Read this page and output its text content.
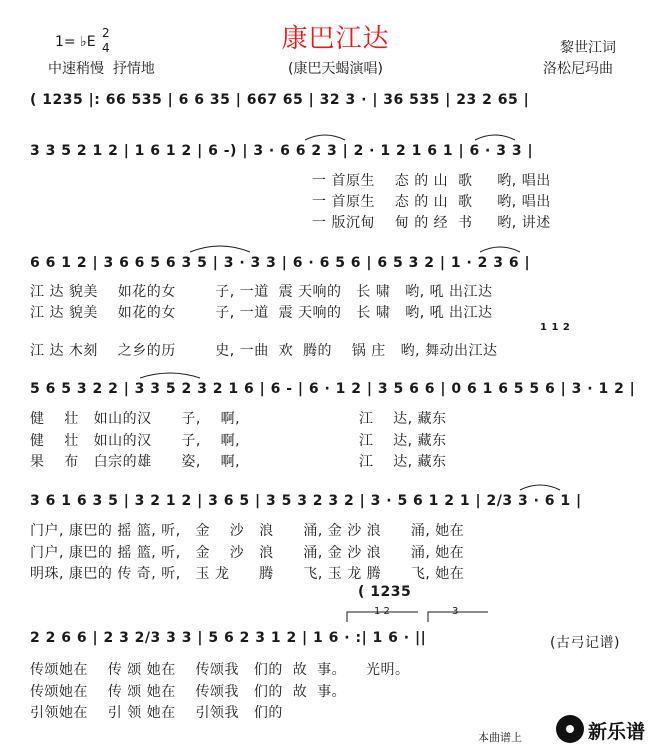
1= ♭E
2
4
中速稍慢  抒情地
康巴江达
(康巴天蝎演唱)
黎世江词
洛松尼玛曲
( 1235 |: 66 535 | 6 6 35 | 667 65 | 32 3 · | 36 535 | 23 2 65 |
3 3 5 2 1 2 | 1 6 1 2 | 6 -) | 3 · 6 6 2 3 | 2 · 1 2 1 6 1 | 6 · 3 3 |
一 首原生    态 的 山  歌     哟, 唱出
一 首原生    态 的 山  歌     哟, 唱出
一 版沉甸    甸 的 经  书     哟, 讲述
6 6 1 2 | 3 6 6 5 6 3 5 | 3 · 3 3 | 6 · 6 5 6 | 6 5 3 2 | 1 · 2 3 6 |
江 达 貌美    如花的女        子, 一道  震 天响的   长 啸   哟, 吼 出江达
江 达 貌美    如花的女        子, 一道  震 天响的   长 啸   哟, 吼 出江达
1 1 2
江 达 木刻    之乡的历        史, 一曲  欢  腾的    锅 庄   哟, 舞动出江达
5 6 5 3 2 2 | 3 3 5 2 3 2 1 6 | 6 - | 6 · 1 2 | 3 5 6 6 | 0 6 1 6 5 5 6 | 3 · 1 2 |
健    壮   如山的汉      子,    啊,                        江    达, 藏东
健    壮   如山的汉      子,    啊,                        江    达, 藏东
果    布   白宗的雄      姿,    啊,                        江    达, 藏东
3 6 1 6 3 5 | 3 2 1 2 | 3 6 5 | 3 5 3 2 3 2 | 3 · 5 6 1 2 1 | 2/3 3 · 6 1 |
门户, 康巴的 摇 篮, 听,   金    沙   浪      涌, 金 沙 浪      涌, 她在
门户, 康巴的 摇 篮, 听,   金    沙   浪      涌, 金 沙 浪      涌, 她在
明珠, 康巴的 传 奇, 听,   玉 龙      腾      飞, 玉 龙 腾      飞, 她在
( 1235
1 2	3
2 2 6 6 | 2 3 2/3 3 3 | 5 6 2 3 1 2 | 1 6 · :| 1 6 · ||	(古弓记谱)
传颂她在    传 颂 她在    传颂我   们的  故  事。    光明。
传颂她在    传 颂 她在    传颂我   们的  故  事。
引领她在    引 领 她在    引领我   们的
本曲谱上	新乐谱
